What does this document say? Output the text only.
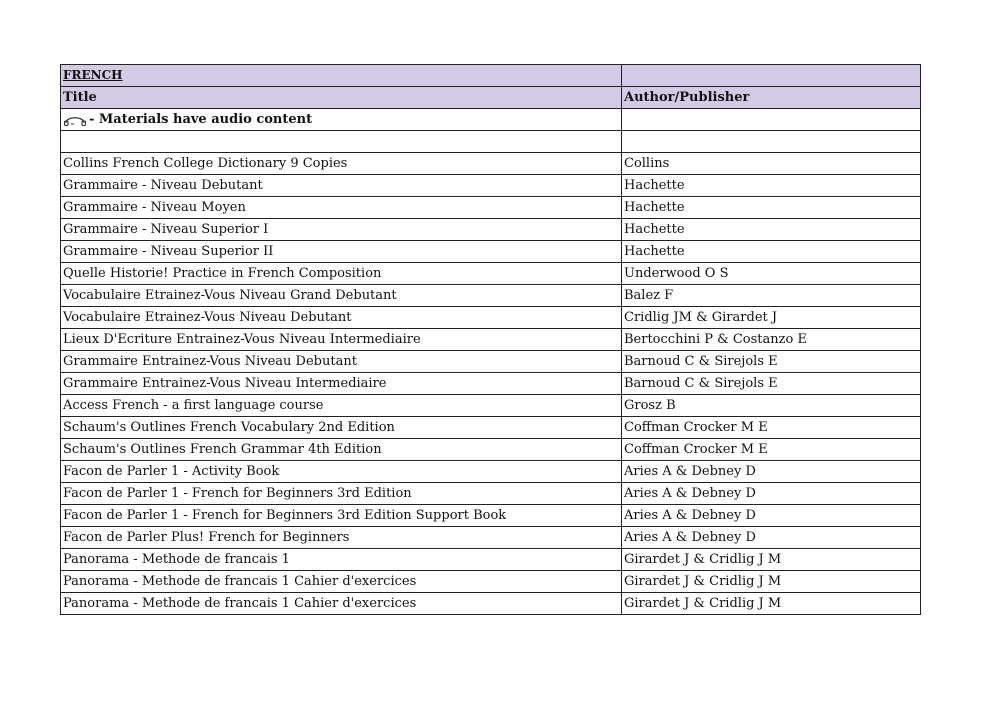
FRENCH	
Title	Author/Publisher
- Materials have audio content	

Collins French College Dictionary 9 Copies	Collins
Grammaire - Niveau Debutant	Hachette
Grammaire - Niveau Moyen	Hachette
Grammaire - Niveau Superior I	Hachette
Grammaire - Niveau Superior II	Hachette
Quelle Historie! Practice in French Composition	Underwood O S
Vocabulaire Etrainez-Vous Niveau Grand Debutant	Balez F
Vocabulaire Etrainez-Vous Niveau Debutant	Cridlig JM & Girardet J
Lieux D'Ecriture Entrainez-Vous Niveau Intermediaire	Bertocchini P & Costanzo E
Grammaire Entrainez-Vous Niveau Debutant	Barnoud C & Sirejols E
Grammaire Entrainez-Vous Niveau Intermediaire	Barnoud C & Sirejols E
Access French - a first language course	Grosz B
Schaum's Outlines French Vocabulary 2nd Edition	Coffman Crocker M E
Schaum's Outlines French Grammar 4th Edition	Coffman Crocker M E
Facon de Parler 1 - Activity Book	Aries A & Debney D
Facon de Parler 1 - French for Beginners 3rd Edition	Aries A & Debney D
Facon de Parler 1 - French for Beginners 3rd Edition Support Book	Aries A & Debney D
Facon de Parler Plus! French for Beginners	Aries A & Debney D
Panorama - Methode de francais 1	Girardet J & Cridlig J M
Panorama - Methode de francais 1 Cahier d'exercices	Girardet J & Cridlig J M
Panorama - Methode de francais 1 Cahier d'exercices	Girardet J & Cridlig J M
